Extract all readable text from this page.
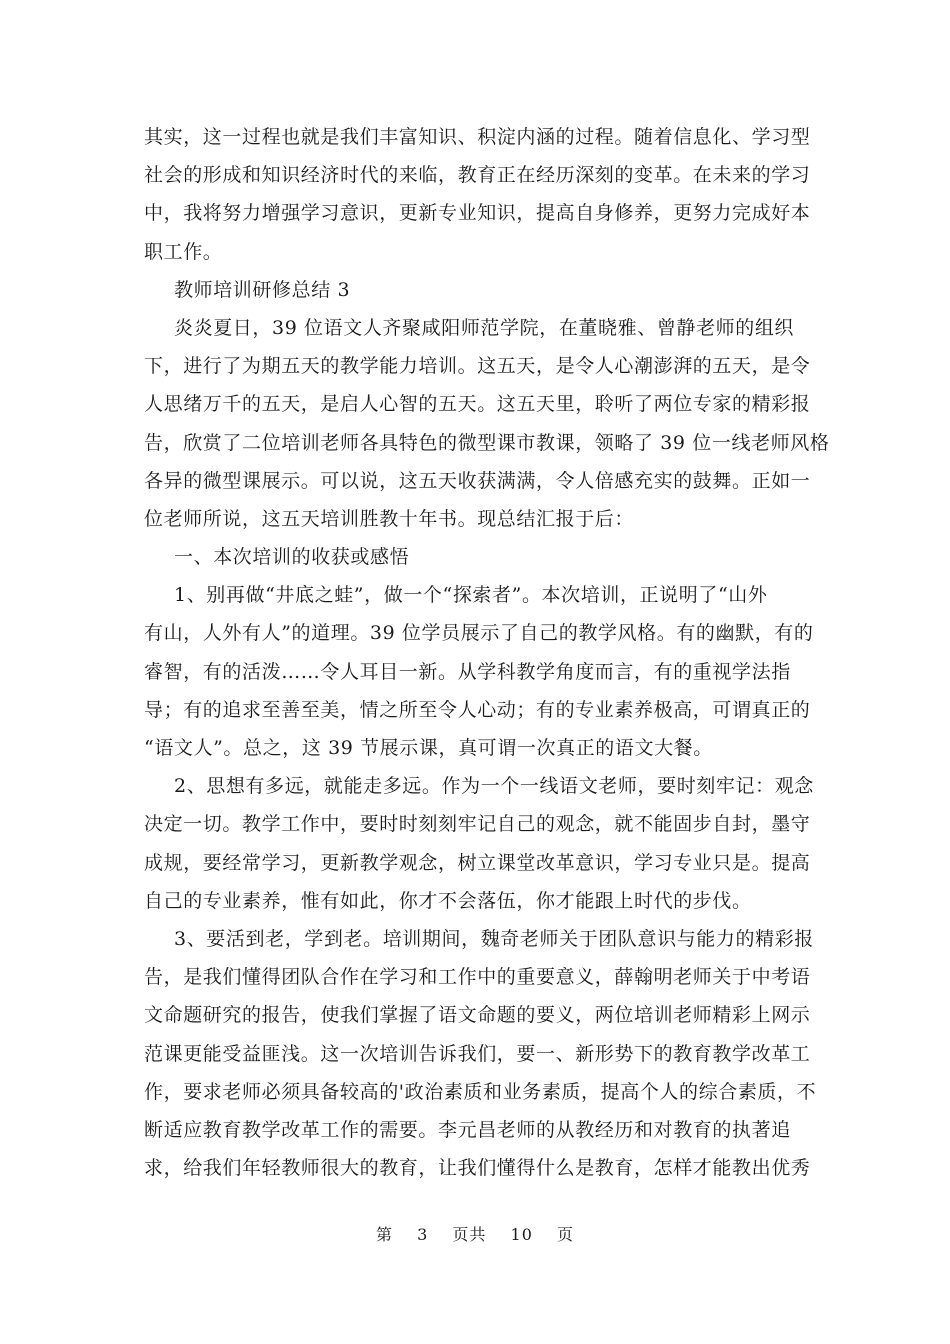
其实，这一过程也就是我们丰富知识、积淀内涵的过程。随着信息化、学习型
社会的形成和知识经济时代的来临，教育正在经历深刻的变革。在未来的学习
中，我将努力增强学习意识，更新专业知识，提高自身修养，更努力完成好本
职工作。
教师培训研修总结 3
炎炎夏日，39 位语文人齐聚咸阳师范学院，在董晓雅、曾静老师的组织
下，进行了为期五天的教学能力培训。这五天，是令人心潮澎湃的五天，是令
人思绪万千的五天，是启人心智的五天。这五天里，聆听了两位专家的精彩报
告，欣赏了二位培训老师各具特色的微型课市教课，领略了 39 位一线老师风格
各异的微型课展示。可以说，这五天收获满满，令人倍感充实的鼓舞。正如一
位老师所说，这五天培训胜教十年书。现总结汇报于后：
一、本次培训的收获或感悟
1、别再做“井底之蛙”，做一个“探索者”。本次培训，正说明了“山外
有山，人外有人”的道理。39 位学员展示了自己的教学风格。有的幽默，有的
睿智，有的活泼……令人耳目一新。从学科教学角度而言，有的重视学法指
导；有的追求至善至美，情之所至令人心动；有的专业素养极高，可谓真正的
“语文人”。总之，这 39 节展示课，真可谓一次真正的语文大餐。
2、思想有多远，就能走多远。作为一个一线语文老师，要时刻牢记：观念
决定一切。教学工作中，要时时刻刻牢记自己的观念，就不能固步自封，墨守
成规，要经常学习，更新教学观念，树立课堂改革意识，学习专业只是。提高
自己的专业素养，惟有如此，你才不会落伍，你才能跟上时代的步伐。
3、要活到老，学到老。培训期间，魏奇老师关于团队意识与能力的精彩报
告，是我们懂得团队合作在学习和工作中的重要意义，薛翰明老师关于中考语
文命题研究的报告，使我们掌握了语文命题的要义，两位培训老师精彩上网示
范课更能受益匪浅。这一次培训告诉我们，要一、新形势下的教育教学改革工
作，要求老师必须具备较高的'政治素质和业务素质，提高个人的综合素质，不
断适应教育教学改革工作的需要。李元昌老师的从教经历和对教育的执著追
求，给我们年轻教师很大的教育，让我们懂得什么是教育，怎样才能教出优秀
第 3 页共 10 页
